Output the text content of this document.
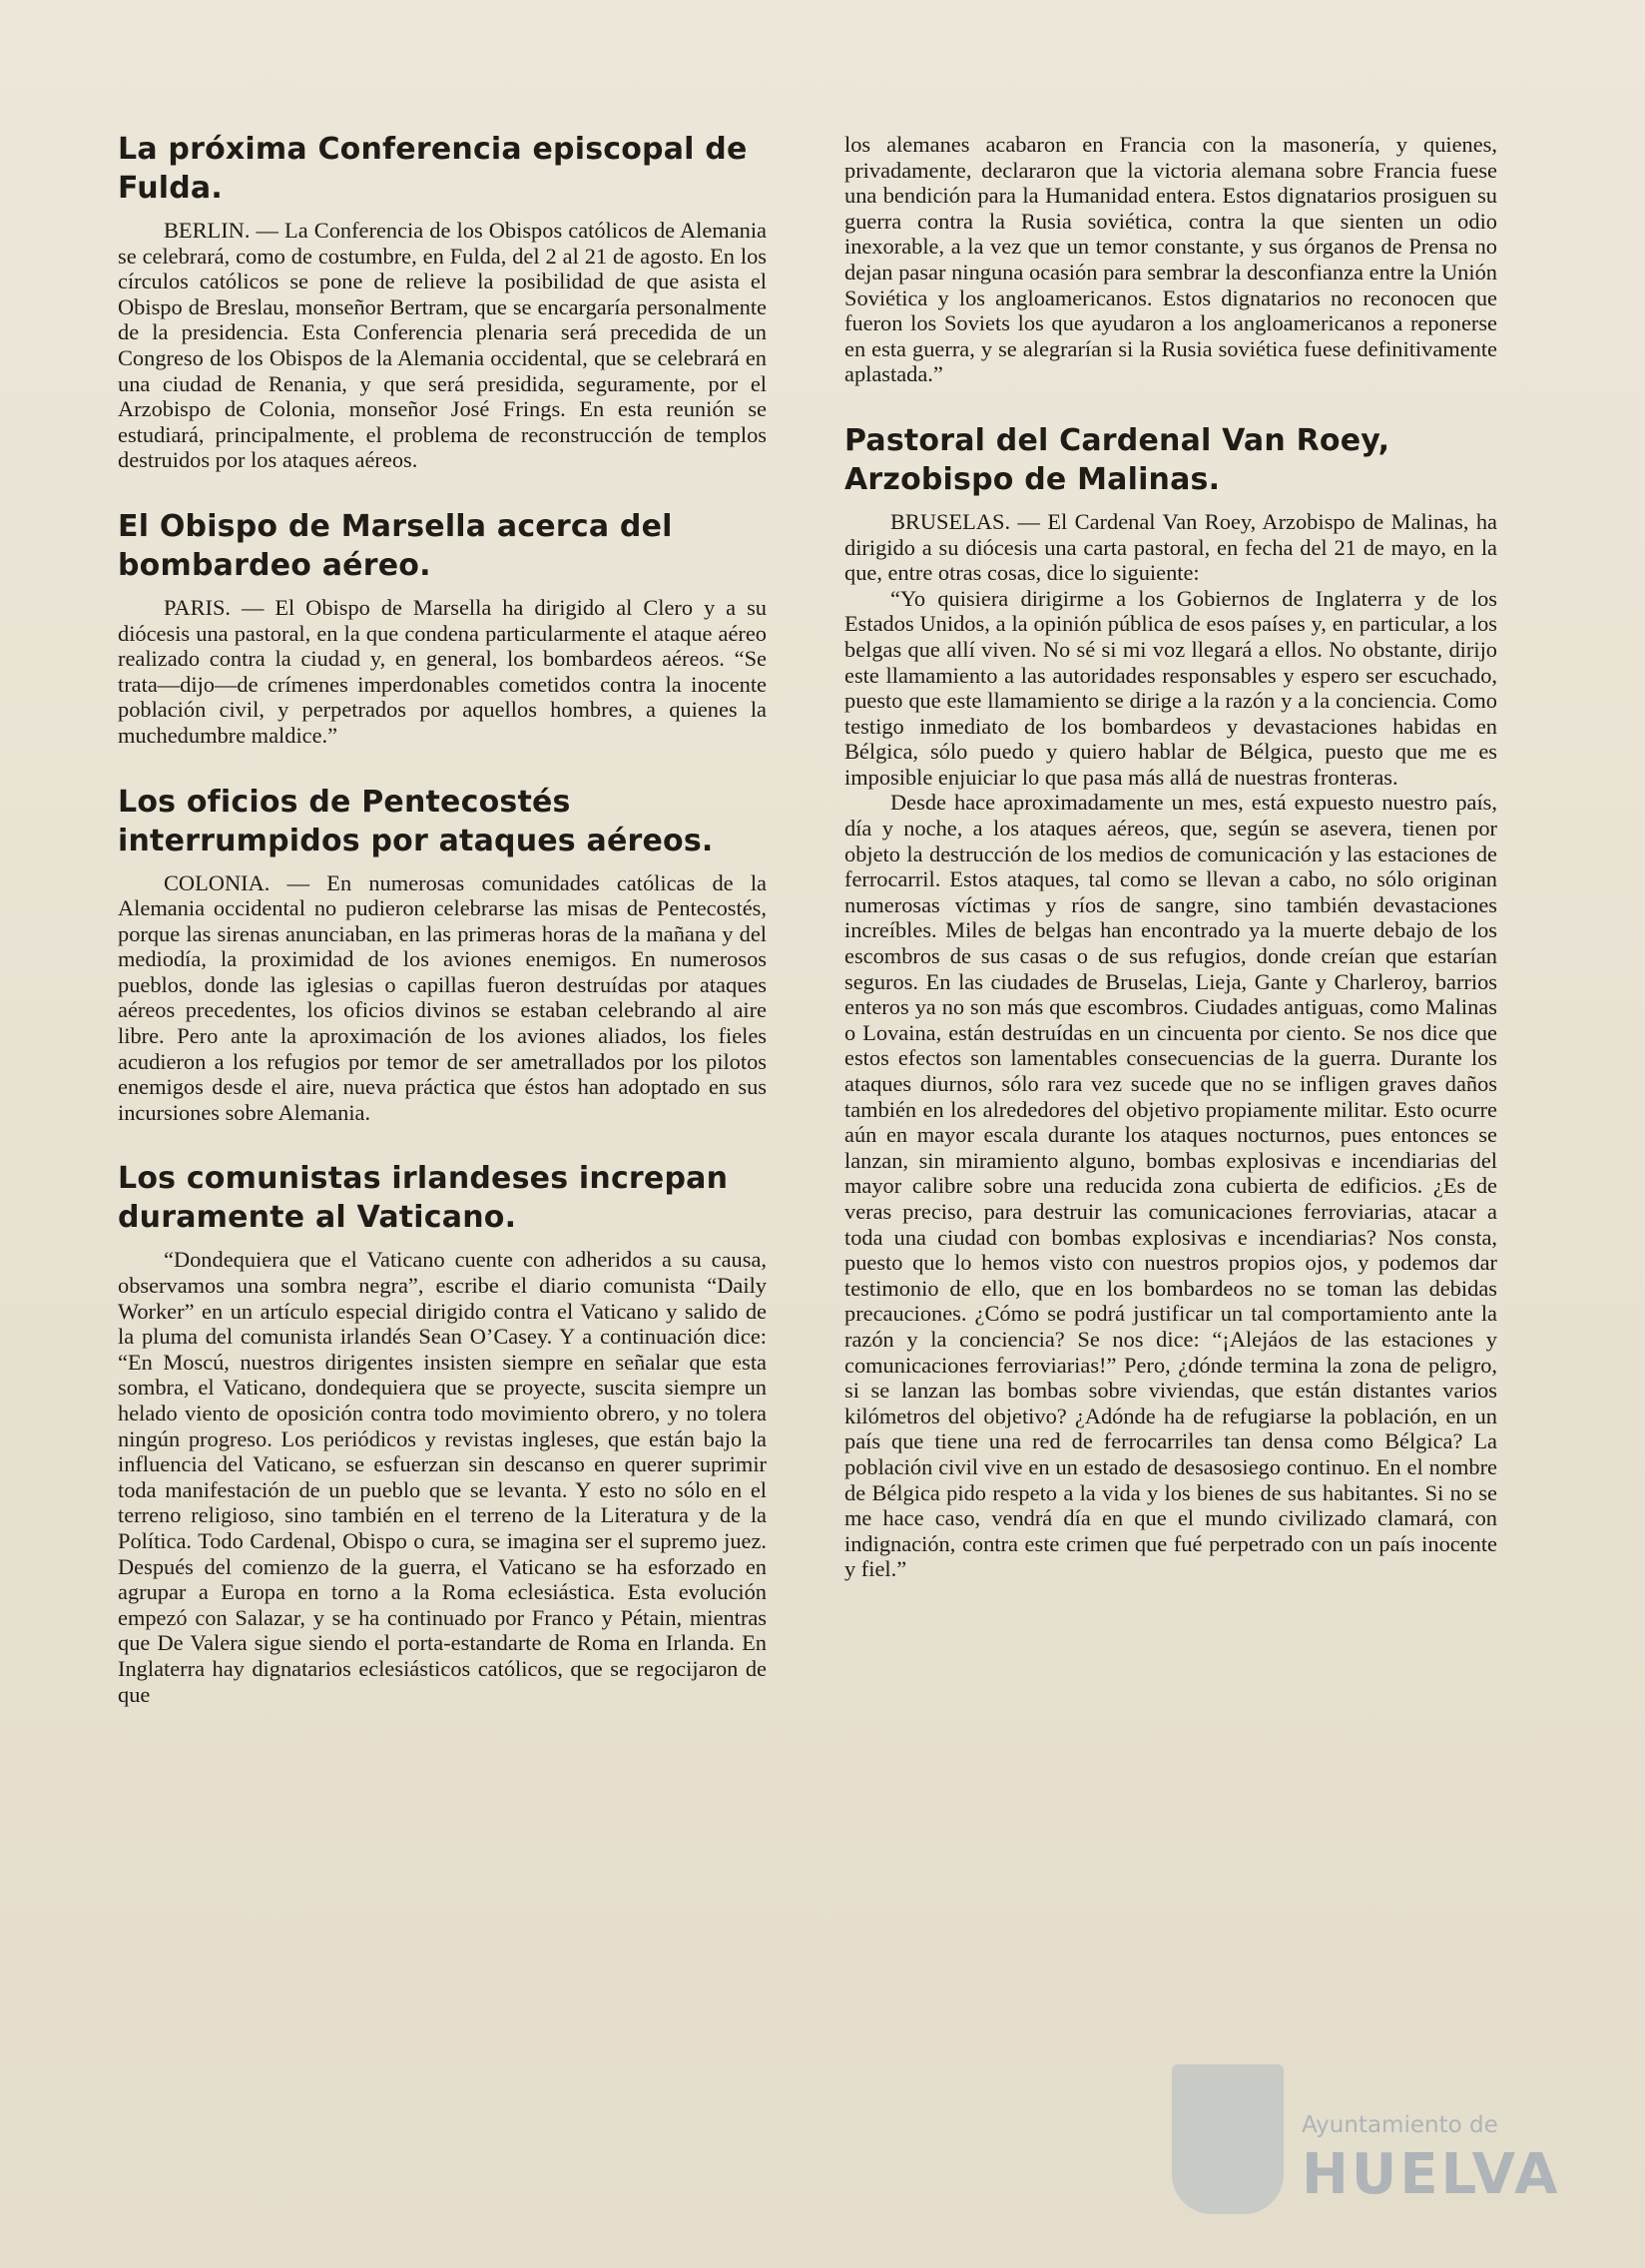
La próxima Conferencia episcopal de Fulda.

BERLIN. — La Conferencia de los Obispos católicos de Alemania se celebrará, como de costumbre, en Fulda, del 2 al 21 de agosto. En los círculos católicos se pone de relieve la posibilidad de que asista el Obispo de Breslau, monseñor Bertram, que se encargaría personalmente de la presidencia. Esta Conferencia plenaria será precedida de un Congreso de los Obispos de la Alemania occidental, que se celebrará en una ciudad de Renania, y que será presidida, seguramente, por el Arzobispo de Colonia, monseñor José Frings. En esta reunión se estudiará, principalmente, el problema de reconstrucción de templos destruidos por los ataques aéreos.

El Obispo de Marsella acerca del bombardeo aéreo.

PARIS. — El Obispo de Marsella ha dirigido al Clero y a su diócesis una pastoral, en la que condena particularmente el ataque aéreo realizado contra la ciudad y, en general, los bombardeos aéreos. “Se trata—dijo—de crímenes imperdonables cometidos contra la inocente población civil, y perpetrados por aquellos hombres, a quienes la muchedumbre maldice.”

Los oficios de Pentecostés interrumpidos por ataques aéreos.

COLONIA. — En numerosas comunidades católicas de la Alemania occidental no pudieron celebrarse las misas de Pentecostés, porque las sirenas anunciaban, en las primeras horas de la mañana y del mediodía, la proximidad de los aviones enemigos. En numerosos pueblos, donde las iglesias o capillas fueron destruídas por ataques aéreos precedentes, los oficios divinos se estaban celebrando al aire libre. Pero ante la aproximación de los aviones aliados, los fieles acudieron a los refugios por temor de ser ametrallados por los pilotos enemigos desde el aire, nueva práctica que éstos han adoptado en sus incursiones sobre Alemania.

Los comunistas irlandeses increpan duramente al Vaticano.

“Dondequiera que el Vaticano cuente con adheridos a su causa, observamos una sombra negra”, escribe el diario comunista “Daily Worker” en un artículo especial dirigido contra el Vaticano y salido de la pluma del comunista irlandés Sean O’Casey. Y a continuación dice: “En Moscú, nuestros dirigentes insisten siempre en señalar que esta sombra, el Vaticano, dondequiera que se proyecte, suscita siempre un helado viento de oposición contra todo movimiento obrero, y no tolera ningún progreso. Los periódicos y revistas ingleses, que están bajo la influencia del Vaticano, se esfuerzan sin descanso en querer suprimir toda manifestación de un pueblo que se levanta. Y esto no sólo en el terreno religioso, sino también en el terreno de la Literatura y de la Política. Todo Cardenal, Obispo o cura, se imagina ser el supremo juez. Después del comienzo de la guerra, el Vaticano se ha esforzado en agrupar a Europa en torno a la Roma eclesiástica. Esta evolución empezó con Salazar, y se ha continuado por Franco y Pétain, mientras que De Valera sigue siendo el porta-estandarte de Roma en Irlanda. En Inglaterra hay dignatarios eclesiásticos católicos, que se regocijaron de que

los alemanes acabaron en Francia con la masonería, y quienes, privadamente, declararon que la victoria alemana sobre Francia fuese una bendición para la Humanidad entera. Estos dignatarios prosiguen su guerra contra la Rusia soviética, contra la que sienten un odio inexorable, a la vez que un temor constante, y sus órganos de Prensa no dejan pasar ninguna ocasión para sembrar la desconfianza entre la Unión Soviética y los angloamericanos. Estos dignatarios no reconocen que fueron los Soviets los que ayudaron a los angloamericanos a reponerse en esta guerra, y se alegrarían si la Rusia soviética fuese definitivamente aplastada.”

Pastoral del Cardenal Van Roey, Arzobispo de Malinas.

BRUSELAS. — El Cardenal Van Roey, Arzobispo de Malinas, ha dirigido a su diócesis una carta pastoral, en fecha del 21 de mayo, en la que, entre otras cosas, dice lo siguiente:

“Yo quisiera dirigirme a los Gobiernos de Inglaterra y de los Estados Unidos, a la opinión pública de esos países y, en particular, a los belgas que allí viven. No sé si mi voz llegará a ellos. No obstante, dirijo este llamamiento a las autoridades responsables y espero ser escuchado, puesto que este llamamiento se dirige a la razón y a la conciencia. Como testigo inmediato de los bombardeos y devastaciones habidas en Bélgica, sólo puedo y quiero hablar de Bélgica, puesto que me es imposible enjuiciar lo que pasa más allá de nuestras fronteras.

Desde hace aproximadamente un mes, está expuesto nuestro país, día y noche, a los ataques aéreos, que, según se asevera, tienen por objeto la destrucción de los medios de comunicación y las estaciones de ferrocarril. Estos ataques, tal como se llevan a cabo, no sólo originan numerosas víctimas y ríos de sangre, sino también devastaciones increíbles. Miles de belgas han encontrado ya la muerte debajo de los escombros de sus casas o de sus refugios, donde creían que estarían seguros. En las ciudades de Bruselas, Lieja, Gante y Charleroy, barrios enteros ya no son más que escombros. Ciudades antiguas, como Malinas o Lovaina, están destruídas en un cincuenta por ciento. Se nos dice que estos efectos son lamentables consecuencias de la guerra. Durante los ataques diurnos, sólo rara vez sucede que no se infligen graves daños también en los alrededores del objetivo propiamente militar. Esto ocurre aún en mayor escala durante los ataques nocturnos, pues entonces se lanzan, sin miramiento alguno, bombas explosivas e incendiarias del mayor calibre sobre una reducida zona cubierta de edificios. ¿Es de veras preciso, para destruir las comunicaciones ferroviarias, atacar a toda una ciudad con bombas explosivas e incendiarias? Nos consta, puesto que lo hemos visto con nuestros propios ojos, y podemos dar testimonio de ello, que en los bombardeos no se toman las debidas precauciones. ¿Cómo se podrá justificar un tal comportamiento ante la razón y la conciencia? Se nos dice: “¡Alejáos de las estaciones y comunicaciones ferroviarias!” Pero, ¿dónde termina la zona de peligro, si se lanzan las bombas sobre viviendas, que están distantes varios kilómetros del objetivo? ¿Adónde ha de refugiarse la población, en un país que tiene una red de ferrocarriles tan densa como Bélgica? La población civil vive en un estado de desasosiego continuo. En el nombre de Bélgica pido respeto a la vida y los bienes de sus habitantes. Si no se me hace caso, vendrá día en que el mundo civilizado clamará, con indignación, contra este crimen que fué perpetrado con un país inocente y fiel.”

Ayuntamiento de
HUELVA
